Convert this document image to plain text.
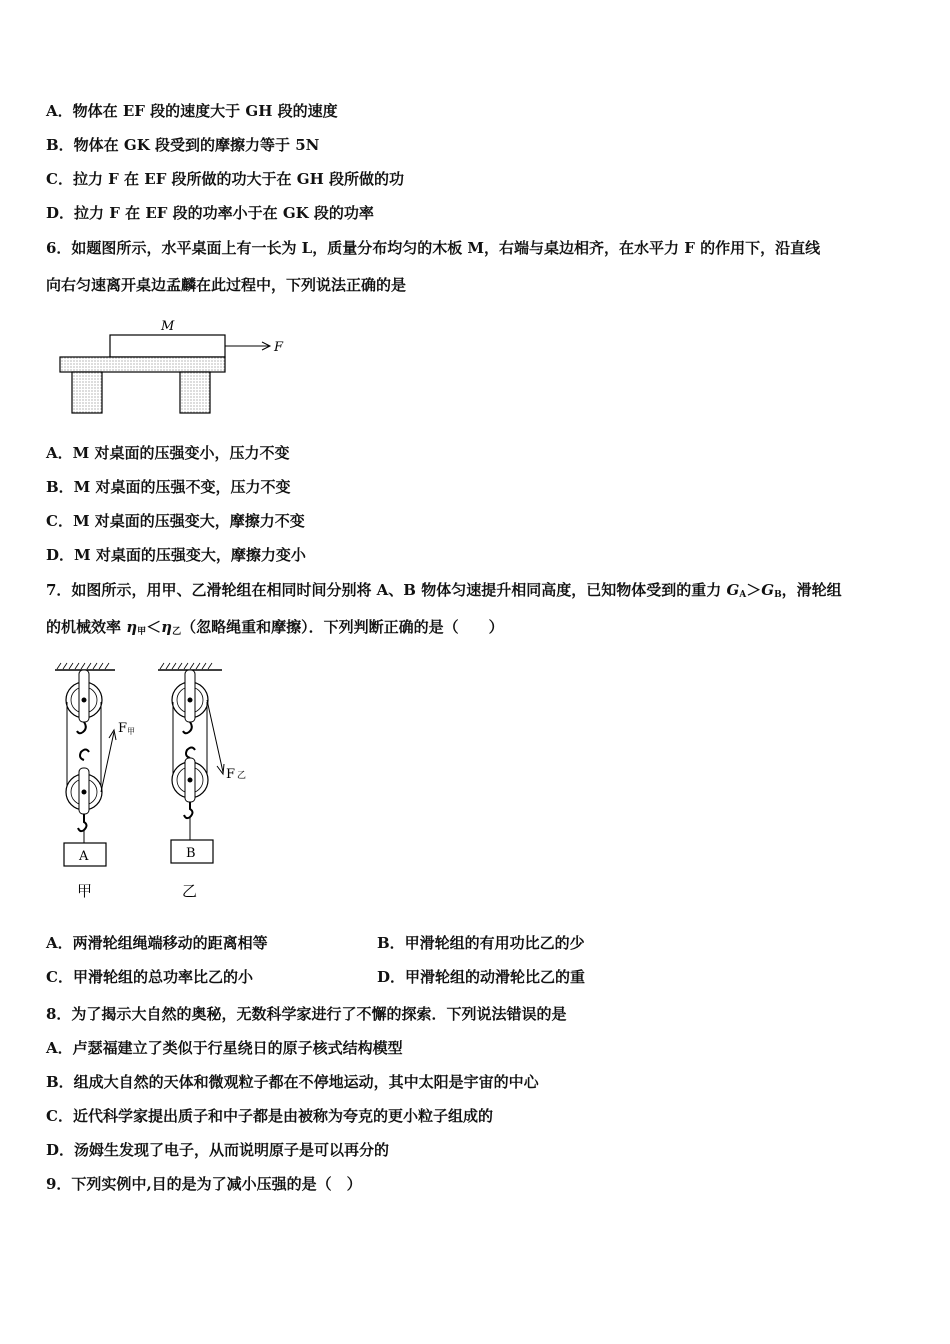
A．物体在 EF 段的速度大于 GH 段的速度
B．物体在 GK 段受到的摩擦力等于 5N
C．拉力 F 在 EF 段所做的功大于在 GH 段所做的功
D．拉力 F 在 EF 段的功率小于在 GK 段的功率
6．如题图所示，水平桌面上有一长为 L，质量分布均匀的木板 M，右端与桌边相齐，在水平力 F 的作用下，沿直线
向右匀速离开桌边孟麟在此过程中，下列说法正确的是
M
F
A．M 对桌面的压强变小，压力不变
B．M 对桌面的压强不变，压力不变
C．M 对桌面的压强变大，摩擦力不变
D．M 对桌面的压强变大，摩擦力变小
7．如图所示，用甲、乙滑轮组在相同时间分别将 A、B 物体匀速提升相同高度，已知物体受到的重力 $G_A>G_B$，滑轮组
的机械效率 $\eta_甲<\eta_乙$（忽略绳重和摩擦）．下列判断正确的是（　　）
A
F甲
甲
B
F 乙
乙
A．两滑轮组绳端移动的距离相等	B．甲滑轮组的有用功比乙的少
C．甲滑轮组的总功率比乙的小	D．甲滑轮组的动滑轮比乙的重
8．为了揭示大自然的奥秘，无数科学家进行了不懈的探索．下列说法错误的是
A．卢瑟福建立了类似于行星绕日的原子核式结构模型
B．组成大自然的天体和微观粒子都在不停地运动，其中太阳是宇宙的中心
C．近代科学家提出质子和中子都是由被称为夸克的更小粒子组成的
D．汤姆生发现了电子，从而说明原子是可以再分的
9．下列实例中,目的是为了减小压强的是（　）
